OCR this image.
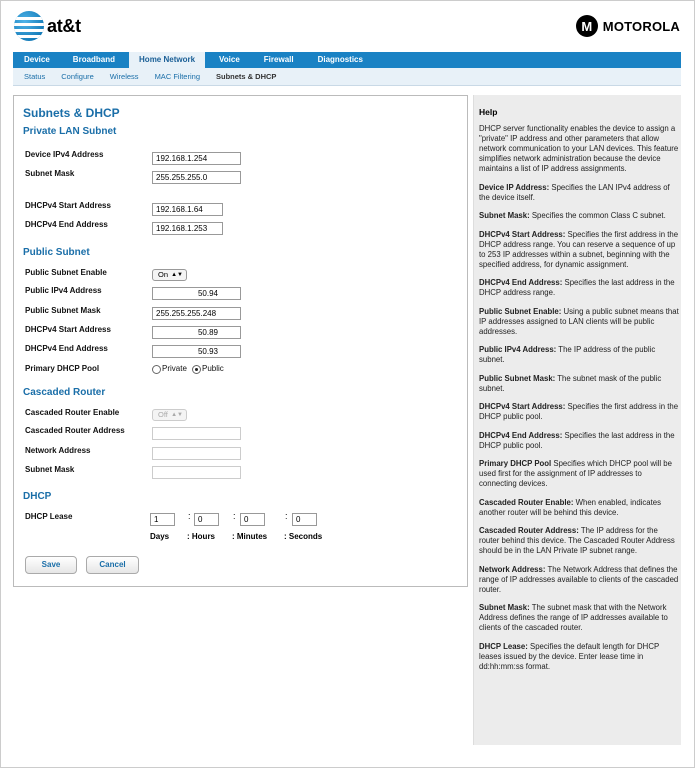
at&t	M MOTOROLA
Device	Broadband	Home Network	Voice	Firewall	Diagnostics
Status	Configure	Wireless	MAC Filtering	Subnets & DHCP
Subnets & DHCP
Private LAN Subnet
Device IPv4 Address	192.168.1.254
Subnet Mask	255.255.255.0
DHCPv4 Start Address	192.168.1.64
DHCPv4 End Address	192.168.1.253
Public Subnet
Public Subnet Enable	On ▲▼
Public IPv4 Address	50.94
Public Subnet Mask	255.255.255.248
DHCPv4 Start Address	50.89
DHCPv4 End Address	50.93
Primary DHCP Pool	Private Public
Cascaded Router
Cascaded Router Enable	Off ▲▼
Cascaded Router Address
Network Address
Subnet Mask
DHCP
DHCP Lease	1	: 0	:	0	:	0
Days : Hours : Minutes : Seconds
Save	Cancel
Help

DHCP server functionality enables the device to assign a "private" IP address and other parameters that allow network communication to your LAN devices. This feature simplifies network administration because the device maintains a list of IP address assignments.

Device IP Address: Specifies the LAN IPv4 address of the device itself.

Subnet Mask: Specifies the common Class C subnet.

DHCPv4 Start Address: Specifies the first address in the DHCP address range. You can reserve a sequence of up to 253 IP addresses within a subnet, beginning with the specified address, for dynamic assignment.

DHCPv4 End Address: Specifies the last address in the DHCP address range.

Public Subnet Enable: Using a public subnet means that IP addresses assigned to LAN clients will be public addresses.

Public IPv4 Address: The IP address of the public subnet.

Public Subnet Mask: The subnet mask of the public subnet.

DHCPv4 Start Address: Specifies the first address in the DHCP public pool.

DHCPv4 End Address: Specifies the last address in the DHCP public pool.

Primary DHCP Pool Specifies which DHCP pool will be used first for the assignment of IP addresses to connecting devices.

Cascaded Router Enable: When enabled, indicates another router will be behind this device.

Cascaded Router Address: The IP address for the router behind this device. The Cascaded Router Address should be in the LAN Private IP subnet range.

Network Address: The Network Address that defines the range of IP addresses available to clients of the cascaded router.

Subnet Mask: The subnet mask that with the Network Address defines the range of IP addresses available to clients of the cascaded router.

DHCP Lease: Specifies the default length for DHCP leases issued by the device. Enter lease time in dd:hh:mm:ss format.
